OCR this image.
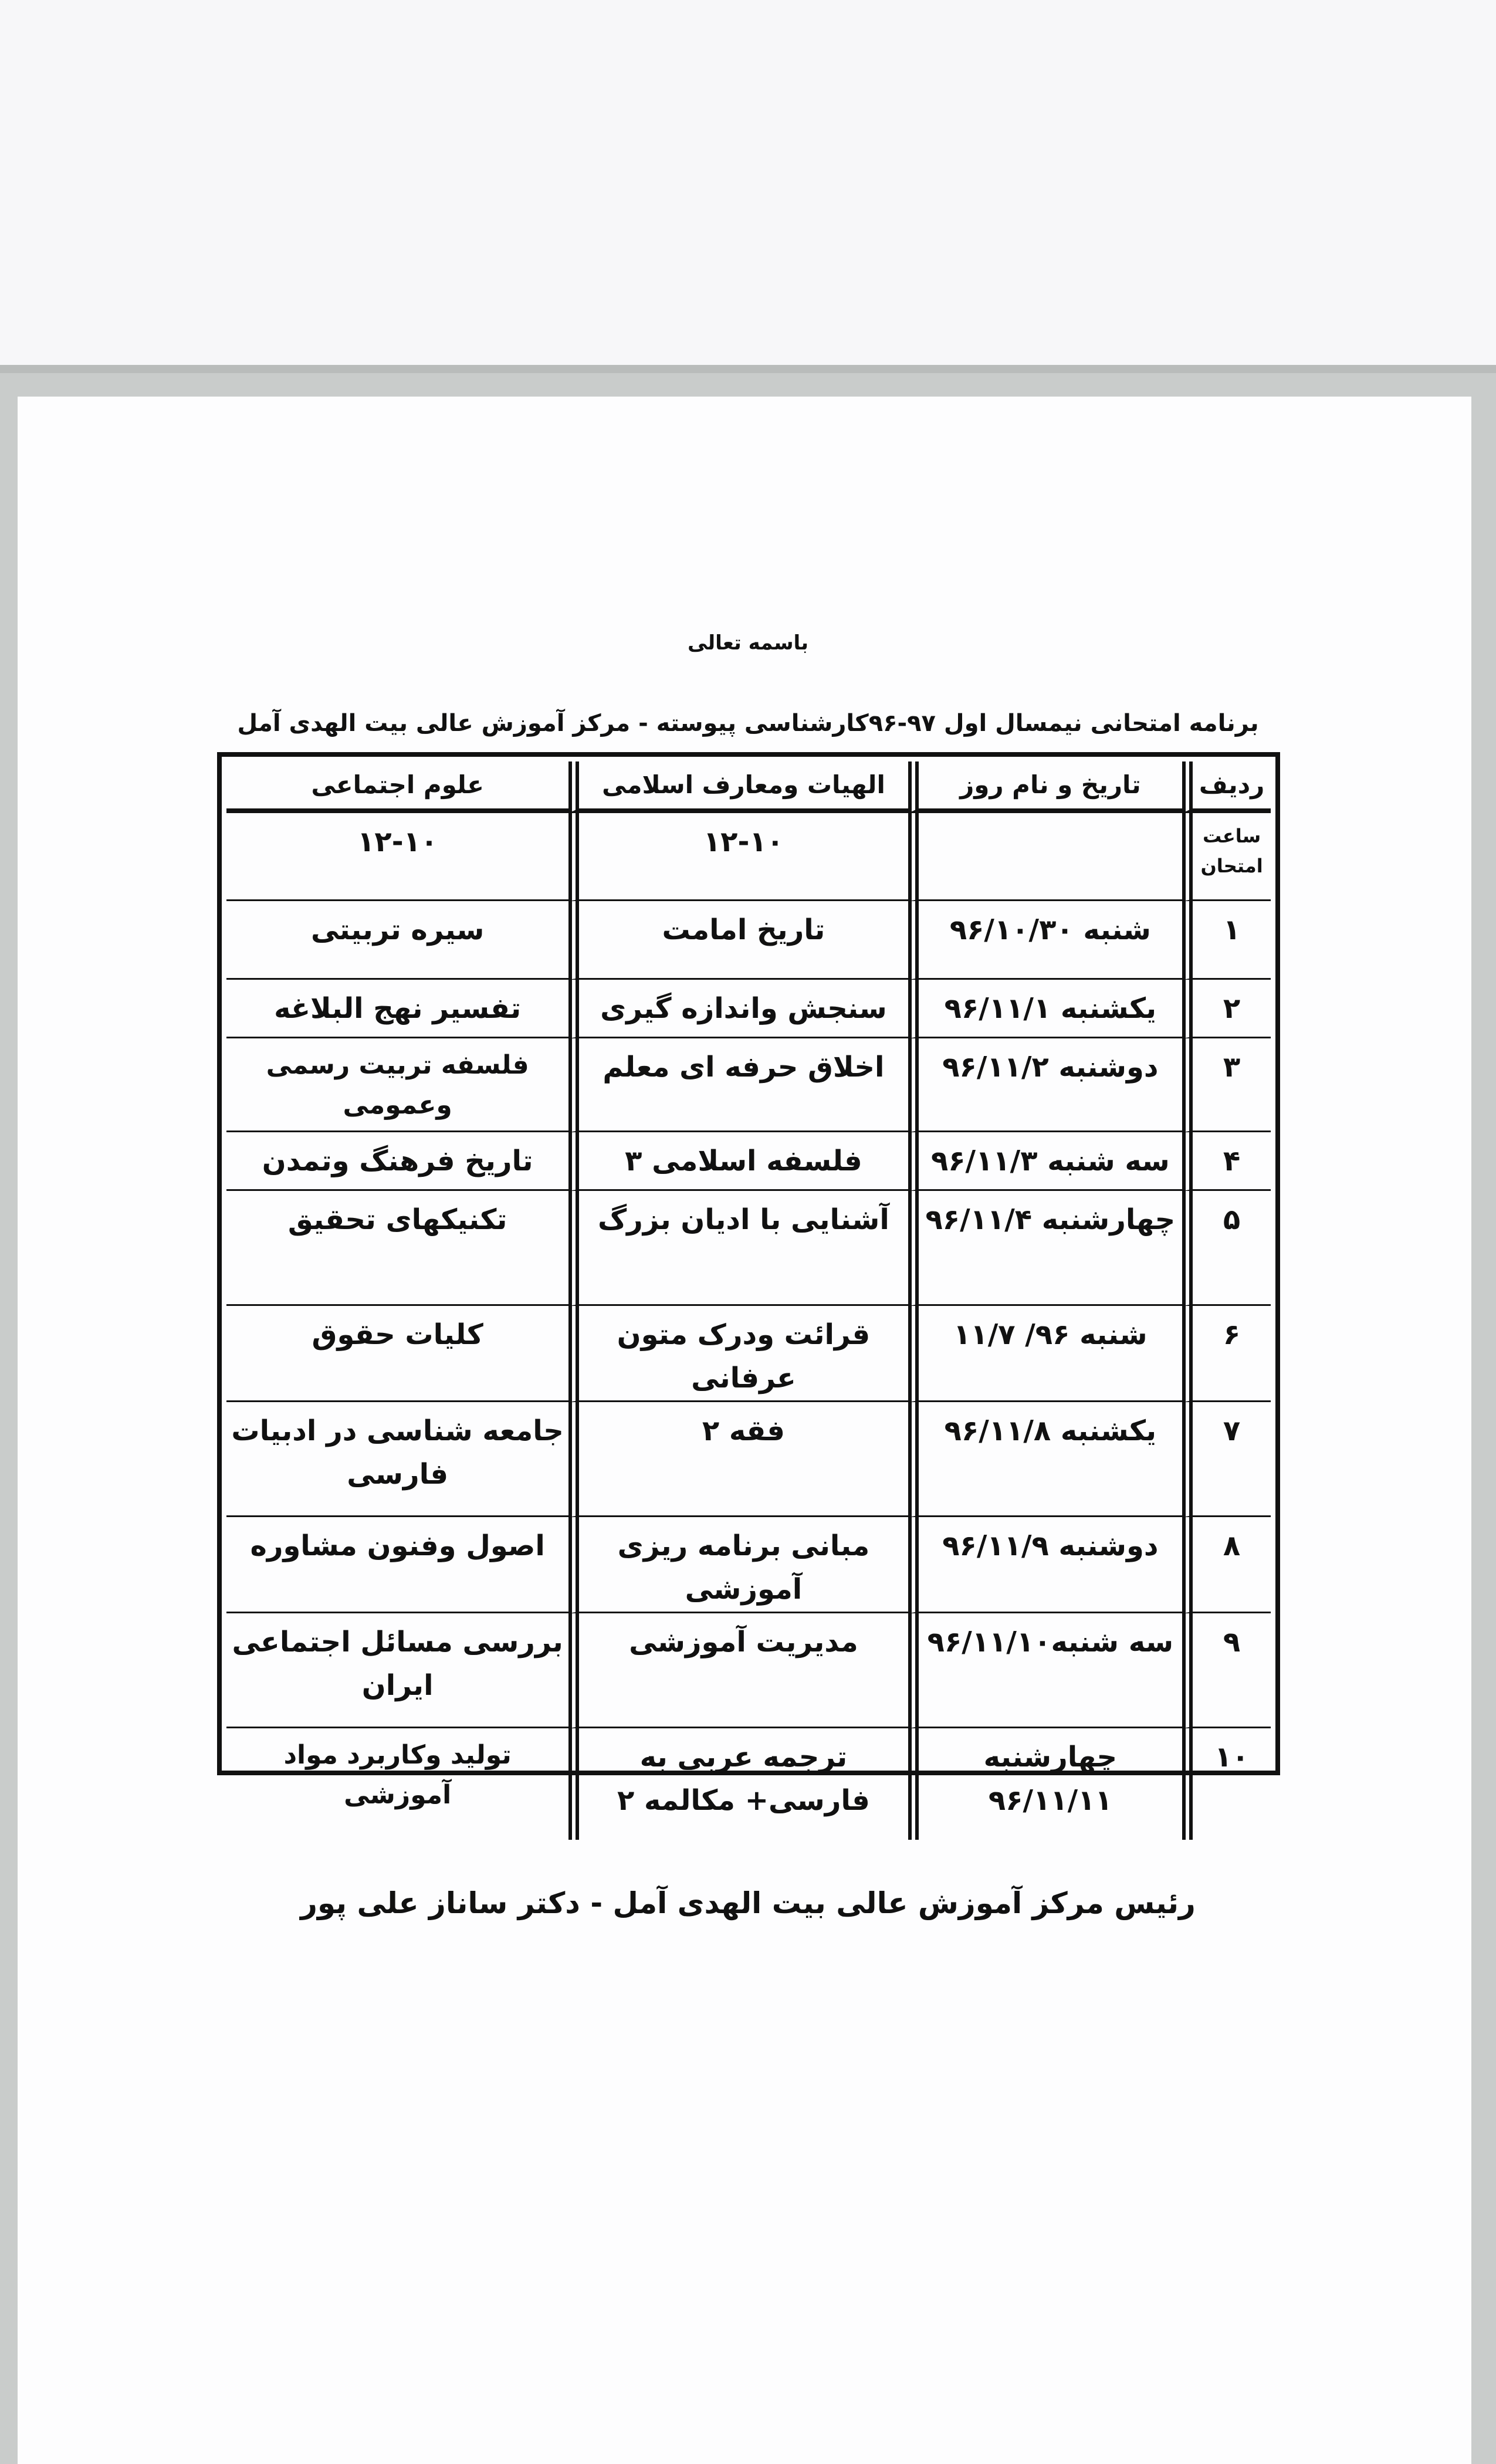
باسمه تعالی
برنامه امتحانی نیمسال اول ۹۷-۹۶کارشناسی پیوسته - مرکز آموزش عالی بیت الهدی آمل
ردیف	تاریخ و نام روز	الهیات ومعارف اسلامی	علوم اجتماعی
ساعت امتحان		۱۲-۱۰	۱۲-۱۰
۱	شنبه ۹۶/۱۰/۳۰	تاریخ امامت	سیره تربیتی
۲	یکشنبه ۹۶/۱۱/۱	سنجش واندازه گیری	تفسیر نهج البلاغه
۳	دوشنبه ۹۶/۱۱/۲	اخلاق حرفه ای معلم	فلسفه تربیت رسمی وعمومی
۴	سه شنبه ۹۶/۱۱/۳	فلسفه اسلامی ۳	تاریخ فرهنگ وتمدن
۵	چهارشنبه ۹۶/۱۱/۴	آشنایی با ادیان بزرگ	تکنیکهای تحقیق
۶	شنبه ۹۶/ ۱۱/۷	قرائت ودرک متون عرفانی	کلیات حقوق
۷	یکشنبه ۹۶/۱۱/۸	فقه ۲	جامعه شناسی در ادبیات فارسی
۸	دوشنبه ۹۶/۱۱/۹	مبانی برنامه ریزی آموزشی	اصول وفنون مشاوره
۹	سه شنبه۹۶/۱۱/۱۰	مدیریت آموزشی	بررسی مسائل اجتماعی ایران
۱۰	چهارشنبه ۹۶/۱۱/۱۱	ترجمه عربی به فارسی+ مکالمه ۲	تولید وکاربرد مواد آموزشی
رئیس مرکز آموزش عالی بیت الهدی آمل - دکتر ساناز علی پور
